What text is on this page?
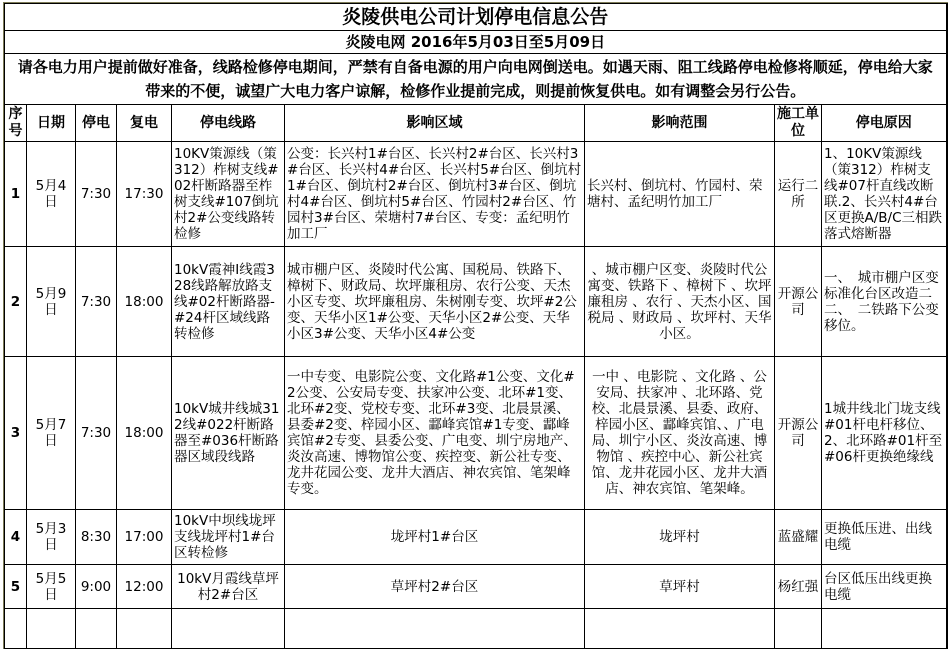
炎陵供电公司计划停电信息公告								
炎陵电网 2016年5月03日至5月09日								
请各电力用户提前做好准备，线路检修停电期间，严禁有自备电源的用户向电网倒送电。如遇天雨、阻工线路停电检修将顺延，停电给大家带来的不便，诚望广大电力客户谅解，检修作业提前完成，则提前恢复供电。如有调整会另行公告。								
序号	日期	停电	复电	停电线路	影响区域	影响范围	施工单位	停电原因
1	5月4日	7:30	17:30	10KV策源线（策312）柞树支线#02杆断路器至柞树支线#107倒坑村2#公变线路转检修	公变：长兴村1#台区、长兴村2#台区、长兴村3#台区、长兴村4#台区、长兴村5#台区、倒坑村1#台区、倒坑村2#台区、倒坑村3#台区、倒坑村4#台区、倒坑村5#台区、竹园村2#台区、竹园村3#台区、荣塘村7#台区、专变：孟纪明竹加工厂	长兴村、倒坑村、竹园村、荣塘村、孟纪明竹加工厂	运行二所	1、10KV策源线（策312）柞树支线#07杆直线改断联.2、长兴村4#台区更换A/B/C三相跌落式熔断器
2	5月9日	7:30	18:00	10kV霞神I线霞328线路解放路支线#02杆断路器-#24杆区域线路转检修	城市棚户区、炎陵时代公寓、国税局、铁路下、樟树下、财政局、坎坪廉租房、农行公变、天杰小区专变、坎坪廉租房、朱树刚专变、坎坪#2公变、天华小区1#公变、天华小区2#公变、天华小区3#公变、天华小区4#公变	、城市棚户区变、炎陵时代公寓变、铁路下 、樟树下 、坎坪廉租房 、农行 、天杰小区、国税局 、财政局 、坎坪村、天华小区。	开源公司	一、　城市棚户区变标准化台区改造二二、　二铁路下公变移位。
3	5月7日	7:30	18:00	10kV城井线城312线#022杆断路器至#036杆断路器区域段线路	一中专变、电影院公变、文化路#1公变、文化#2公变、公安局专变、扶家冲公变、北环#1变、北环#2变、党校专变、北环#3变、北晨景溪、县委#2变、梓园小区、酃峰宾馆#1专变、酃峰宾馆#2专变、县委公变、广电变、圳宁房地产、炎汝高速、博物馆公变、疾控变、新公社专变、龙井花园公变、龙井大酒店、神农宾馆、笔架峰专变。	一中 、电影院 、文化路 、公安局、扶家冲 、北环路、党校、北晨景溪、县委、政府、梓园小区、酃峰宾馆、、广电局、圳宁小区、炎汝高速、博物馆 、疾控中心、新公社宾馆、龙井花园小区、龙井大酒店、神农宾馆、笔架峰。	开源公司	1城井线北门垅支线#01杆电杆移位、2、北环路#01杆至#06杆更换绝缘线
4	5月3日	8:30	17:00	10kV中坝线垅坪支线垅坪村1#台区转检修	垅坪村1#台区	垅坪村	蓝盛耀	更换低压进、出线电缆
5	5月5日	9:00	12:00	10kV月霞线草坪村2#台区	草坪村2#台区	草坪村	杨红强	台区低压出线更换电缆
